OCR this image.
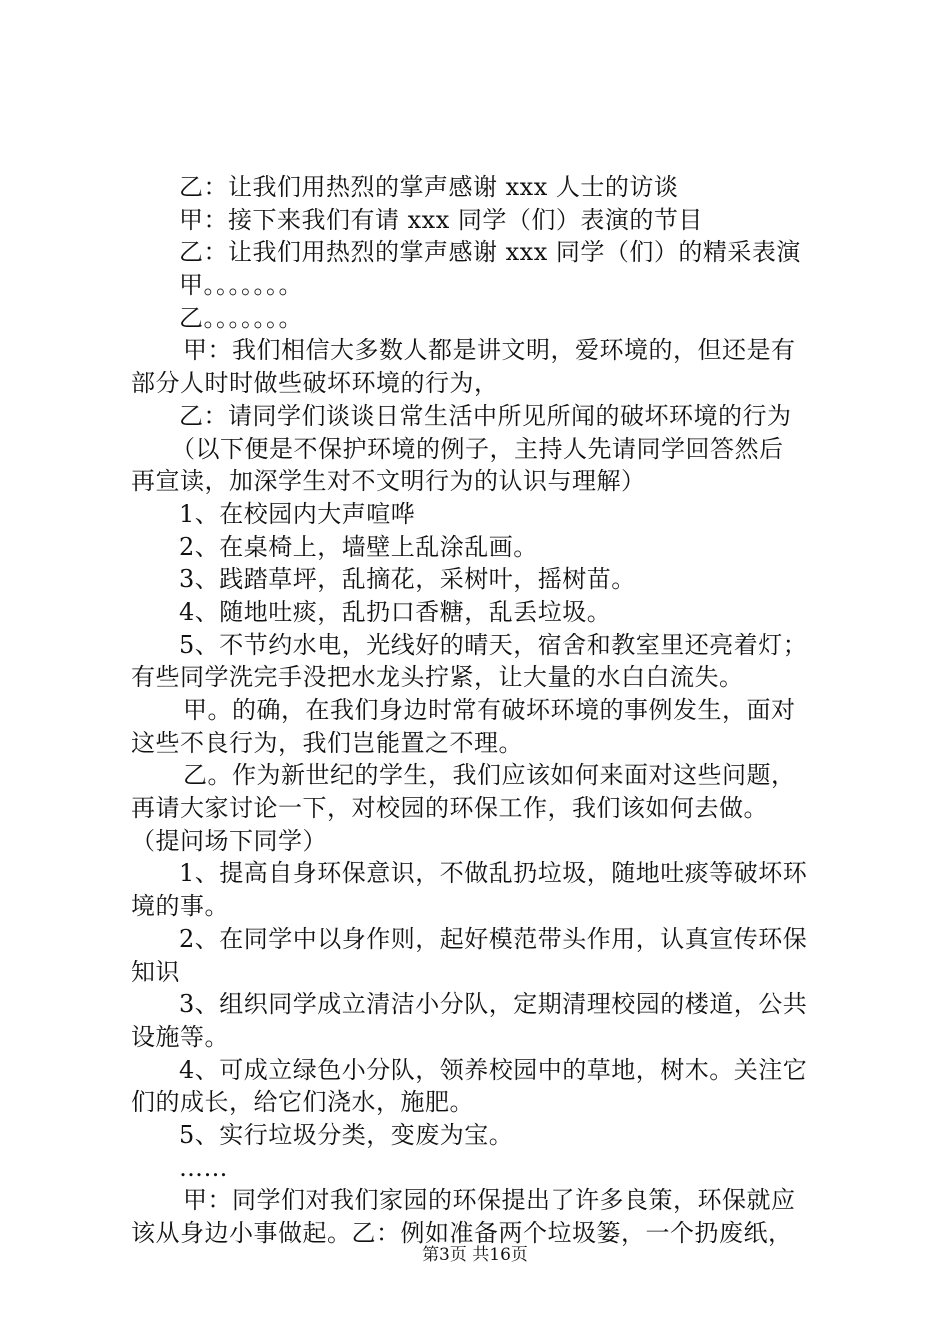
乙：让我们用热烈的掌声感谢 xxx 人士的访谈
甲：接下来我们有请 xxx 同学（们）表演的节目
乙：让我们用热烈的掌声感谢 xxx 同学（们）的精采表演
甲。。。。。。。
乙。。。。。。。
甲：我们相信大多数人都是讲文明，爱环境的，但还是有
部分人时时做些破坏环境的行为，
乙：请同学们谈谈日常生活中所见所闻的破坏环境的行为
（以下便是不保护环境的例子，主持人先请同学回答然后
再宣读，加深学生对不文明行为的认识与理解）
1、在校园内大声喧哗
2、在桌椅上，墙壁上乱涂乱画。
3、践踏草坪，乱摘花，采树叶，摇树苗。
4、随地吐痰，乱扔口香糖，乱丢垃圾。
5、不节约水电，光线好的晴天，宿舍和教室里还亮着灯；
有些同学洗完手没把水龙头拧紧，让大量的水白白流失。
甲。的确，在我们身边时常有破坏环境的事例发生，面对
这些不良行为，我们岂能置之不理。
乙。作为新世纪的学生，我们应该如何来面对这些问题，
再请大家讨论一下，对校园的环保工作，我们该如何去做。
（提问场下同学）
1、提高自身环保意识，不做乱扔垃圾，随地吐痰等破坏环
境的事。
2、在同学中以身作则，起好模范带头作用，认真宣传环保
知识
3、组织同学成立清洁小分队，定期清理校园的楼道，公共
设施等。
4、可成立绿色小分队，领养校园中的草地，树木。关注它
们的成长，给它们浇水，施肥。
5、实行垃圾分类，变废为宝。
……
甲：同学们对我们家园的环保提出了许多良策，环保就应
该从身边小事做起。乙：例如准备两个垃圾篓，一个扔废纸，
第3页 共16页
